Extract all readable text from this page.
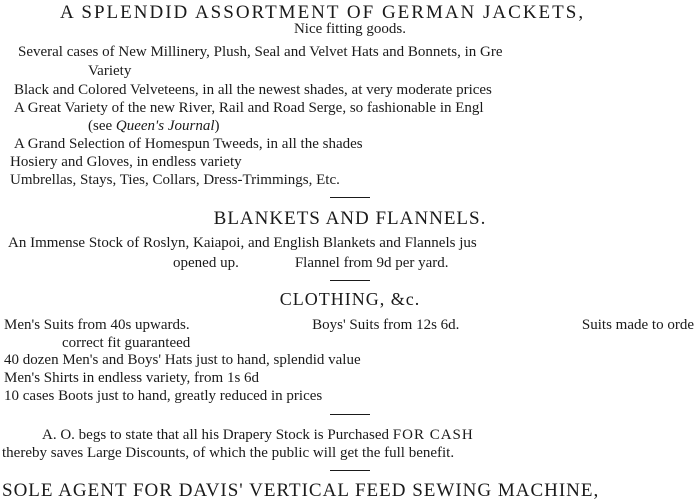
A SPLENDID ASSORTMENT OF GERMAN JACKETS,
Nice fitting goods.
Several cases of New Millinery, Plush, Seal and Velvet Hats and Bonnets, in Gre
Variety
Black and Colored Velveteens, in all the newest shades, at very moderate prices
A Great Variety of the new River, Rail and Road Serge, so fashionable in Engl
(see Queen's Journal)
A Grand Selection of Homespun Tweeds, in all the shades
Hosiery and Gloves, in endless variety
Umbrellas, Stays, Ties, Collars, Dress-Trimmings, Etc.
BLANKETS AND FLANNELS.
An Immense Stock of Roslyn, Kaiapoi, and English Blankets and Flannels jus
opened up.	Flannel from 9d per yard.
CLOTHING, &c.
Men's Suits from 40s upwards.	Boys' Suits from 12s 6d.	Suits made to orde
correct fit guaranteed
40 dozen Men's and Boys' Hats just to hand, splendid value
Men's Shirts in endless variety, from 1s 6d
10 cases Boots just to hand, greatly reduced in prices
A. O. begs to state that all his Drapery Stock is Purchased FOR CASH
thereby saves Large Discounts, of which the public will get the full benefit.
SOLE AGENT FOR DAVIS' VERTICAL FEED SEWING MACHINE,
